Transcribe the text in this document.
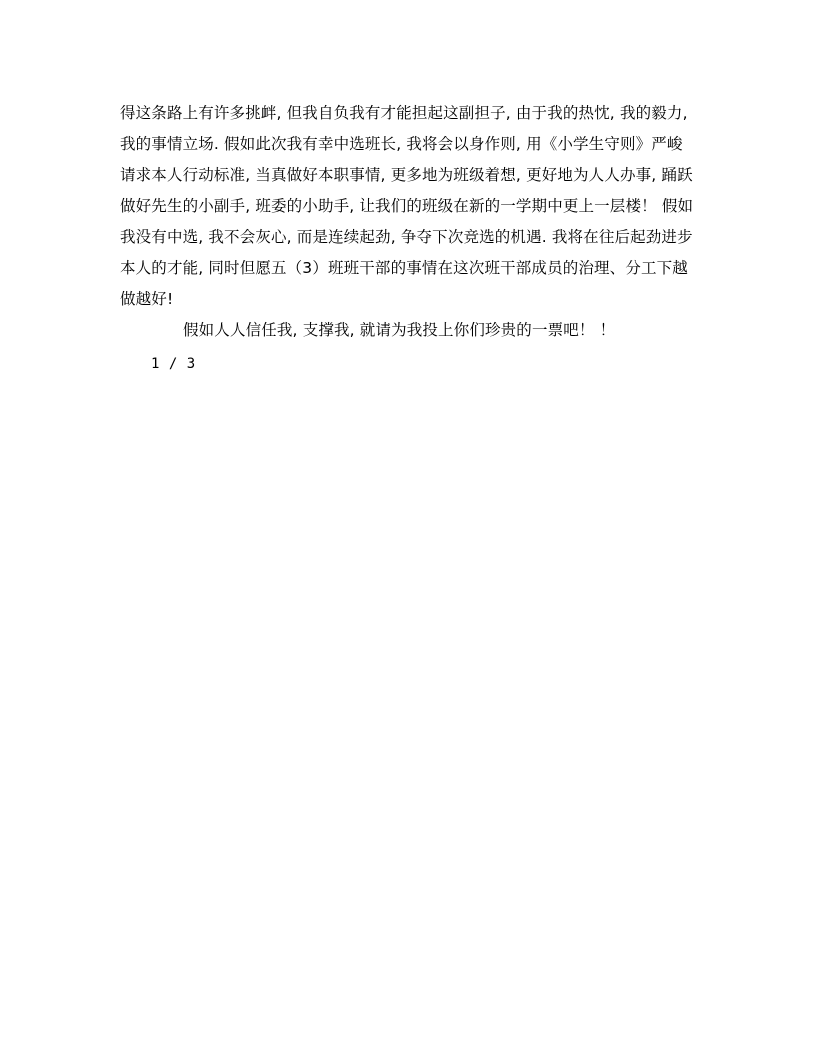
得这条路上有许多挑衅, 但我自负我有才能担起这副担子, 由于我的热忱, 我的毅力,
我的事情立场. 假如此次我有幸中选班长, 我将会以身作则, 用《小学生守则》严峻
请求本人行动标准, 当真做好本职事情, 更多地为班级着想, 更好地为人人办事, 踊跃
做好先生的小副手, 班委的小助手, 让我们的班级在新的一学期中更上一层楼！ 假如
我没有中选, 我不会灰心, 而是连续起劲, 争夺下次竞选的机遇. 我将在往后起劲进步
本人的才能, 同时但愿五（3）班班干部的事情在这次班干部成员的治理、分工下越
做越好!
假如人人信任我, 支撑我, 就请为我投上你们珍贵的一票吧！ ！
1 / 3
